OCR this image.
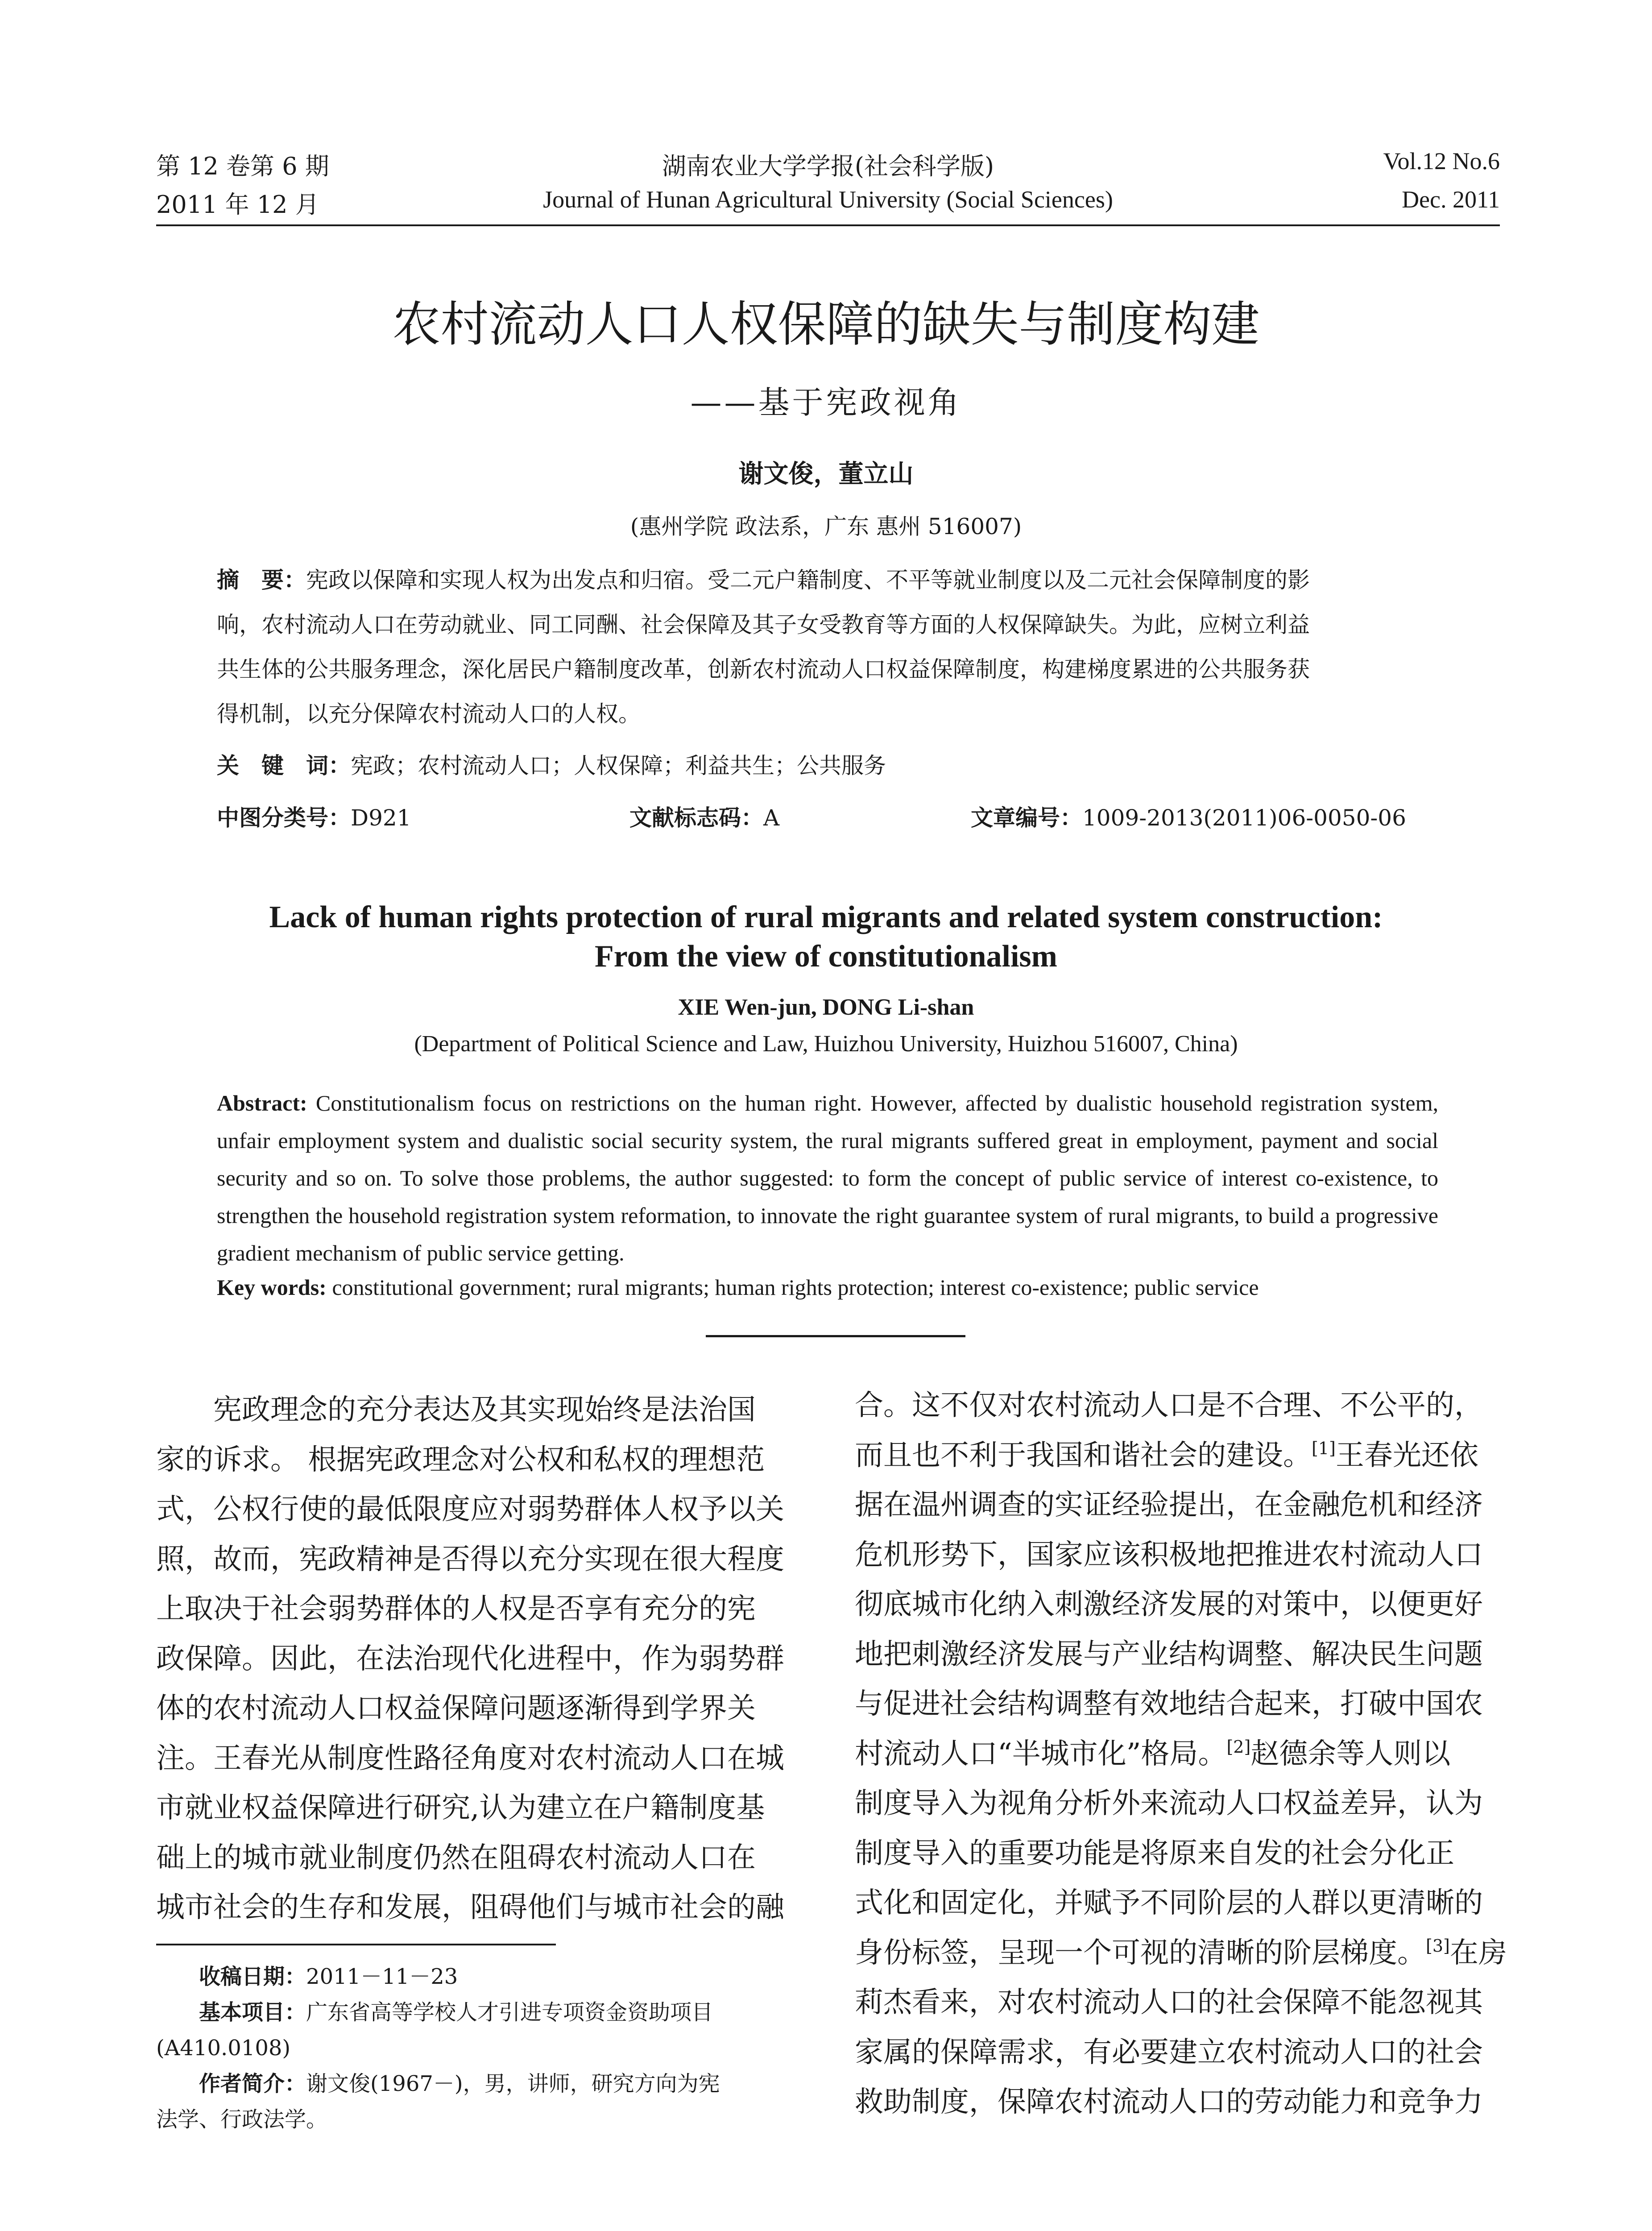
第 12 卷第 6 期	湖南农业大学学报(社会科学版)	Vol.12 No.6
2011 年 12 月	Journal of Hunan Agricultural University (Social Sciences)	Dec. 2011
农村流动人口人权保障的缺失与制度构建
——基于宪政视角
谢文俊，董立山
(惠州学院 政法系，广东 惠州 516007)
摘　要：宪政以保障和实现人权为出发点和归宿。受二元户籍制度、不平等就业制度以及二元社会保障制度的影
响，农村流动人口在劳动就业、同工同酬、社会保障及其子女受教育等方面的人权保障缺失。为此，应树立利益
共生体的公共服务理念，深化居民户籍制度改革，创新农村流动人口权益保障制度，构建梯度累进的公共服务获
得机制，以充分保障农村流动人口的人权。
关　键　词：宪政；农村流动人口；人权保障；利益共生；公共服务
中图分类号：D921	文献标志码：A	文章编号：1009-2013(2011)06-0050-06
Lack of human rights protection of rural migrants and related system construction:
From the view of constitutionalism
XIE Wen-jun, DONG Li-shan
(Department of Political Science and Law, Huizhou University, Huizhou 516007, China)
Abstract: Constitutionalism focus on restrictions on the human right. However, affected by dualistic household registration system, unfair employment system and dualistic social security system, the rural migrants suffered great in employment, payment and social security and so on. To solve those problems, the author suggested: to form the concept of public service of interest co-existence, to strengthen the household registration system reformation, to innovate the right guarantee system of rural migrants, to build a progressive gradient mechanism of public service getting.
Key words: constitutional government; rural migrants; human rights protection; interest co-existence; public service
　　宪政理念的充分表达及其实现始终是法治国
家的诉求。 根据宪政理念对公权和私权的理想范
式，公权行使的最低限度应对弱势群体人权予以关
照，故而，宪政精神是否得以充分实现在很大程度
上取决于社会弱势群体的人权是否享有充分的宪
政保障。因此，在法治现代化进程中，作为弱势群
体的农村流动人口权益保障问题逐渐得到学界关
注。王春光从制度性路径角度对农村流动人口在城
市就业权益保障进行研究,认为建立在户籍制度基
础上的城市就业制度仍然在阻碍农村流动人口在
城市社会的生存和发展，阻碍他们与城市社会的融
　　收稿日期：2011－11－23
　　基本项目：广东省高等学校人才引进专项资金资助项目
(A410.0108)
　　作者简介：谢文俊(1967－)，男，讲师，研究方向为宪
法学、行政法学。
合。这不仅对农村流动人口是不合理、不公平的，
而且也不利于我国和谐社会的建设。[1]王春光还依
据在温州调查的实证经验提出，在金融危机和经济
危机形势下，国家应该积极地把推进农村流动人口
彻底城市化纳入刺激经济发展的对策中，以便更好
地把刺激经济发展与产业结构调整、解决民生问题
与促进社会结构调整有效地结合起来，打破中国农
村流动人口“半城市化”格局。[2]赵德余等人则以
制度导入为视角分析外来流动人口权益差异，认为
制度导入的重要功能是将原来自发的社会分化正
式化和固定化，并赋予不同阶层的人群以更清晰的
身份标签，呈现一个可视的清晰的阶层梯度。[3]在房
莉杰看来，对农村流动人口的社会保障不能忽视其
家属的保障需求，有必要建立农村流动人口的社会
救助制度，保障农村流动人口的劳动能力和竞争力
